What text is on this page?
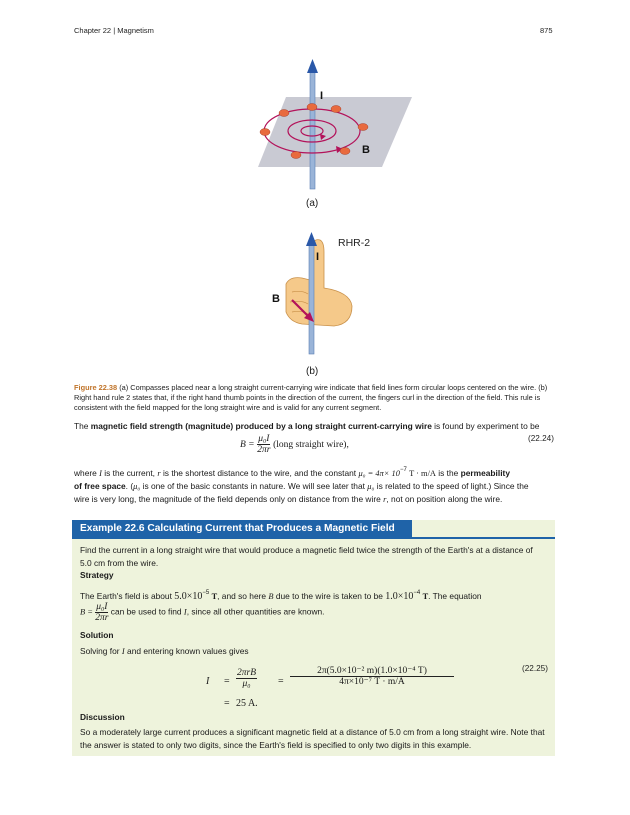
Chapter 22 | Magnetism	875
I
B
(a)
I
B
RHR-2
(b)
Figure 22.38 (a) Compasses placed near a long straight current-carrying wire indicate that field lines form circular loops centered on the wire. (b) Right hand rule 2 states that, if the right hand thumb points in the direction of the current, the fingers curl in the direction of the field. This rule is consistent with the field mapped for the long straight wire and is valid for any current segment.
The magnetic field strength (magnitude) produced by a long straight current-carrying wire is found by experiment to be
$B = \frac{\text{μ₀I}}{2\pi r}$ (long straight wire),
(22.24)
where I is the current, r is the shortest distance to the wire, and the constant $\mu_0 = 4\pi\times 10^{-7}$ T · m/A is the permeability
of free space. (μ₀ is one of the basic constants in nature. We will see later that μ₀ is related to the speed of light.) Since the
wire is very long, the magnitude of the field depends only on distance from the wire r, not on position along the wire.
Example 22.6 Calculating Current that Produces a Magnetic Field
Find the current in a long straight wire that would produce a magnetic field twice the strength of the Earth's at a distance of 5.0 cm from the wire.
Strategy
The Earth's field is about $5.0\times 10^{-5}$ T, and so here B due to the wire is taken to be $1.0\times 10^{-4}$ T. The equation
$B = \frac{\text{μ₀I}}{2\pi r}$ can be used to find I, since all other quantities are known.
Solution
Solving for I and entering known values gives
I =
2πrB
μ₀	= $\frac{\text{2π(5.0×10⁻² m)(1.0×10⁻⁴ T)}}{\text{4π×10⁻⁷ T · m/A}}$
= 25 A.
(22.25)
Discussion
So a moderately large current produces a significant magnetic field at a distance of 5.0 cm from a long straight wire. Note that the answer is stated to only two digits, since the Earth's field is specified to only two digits in this example.
